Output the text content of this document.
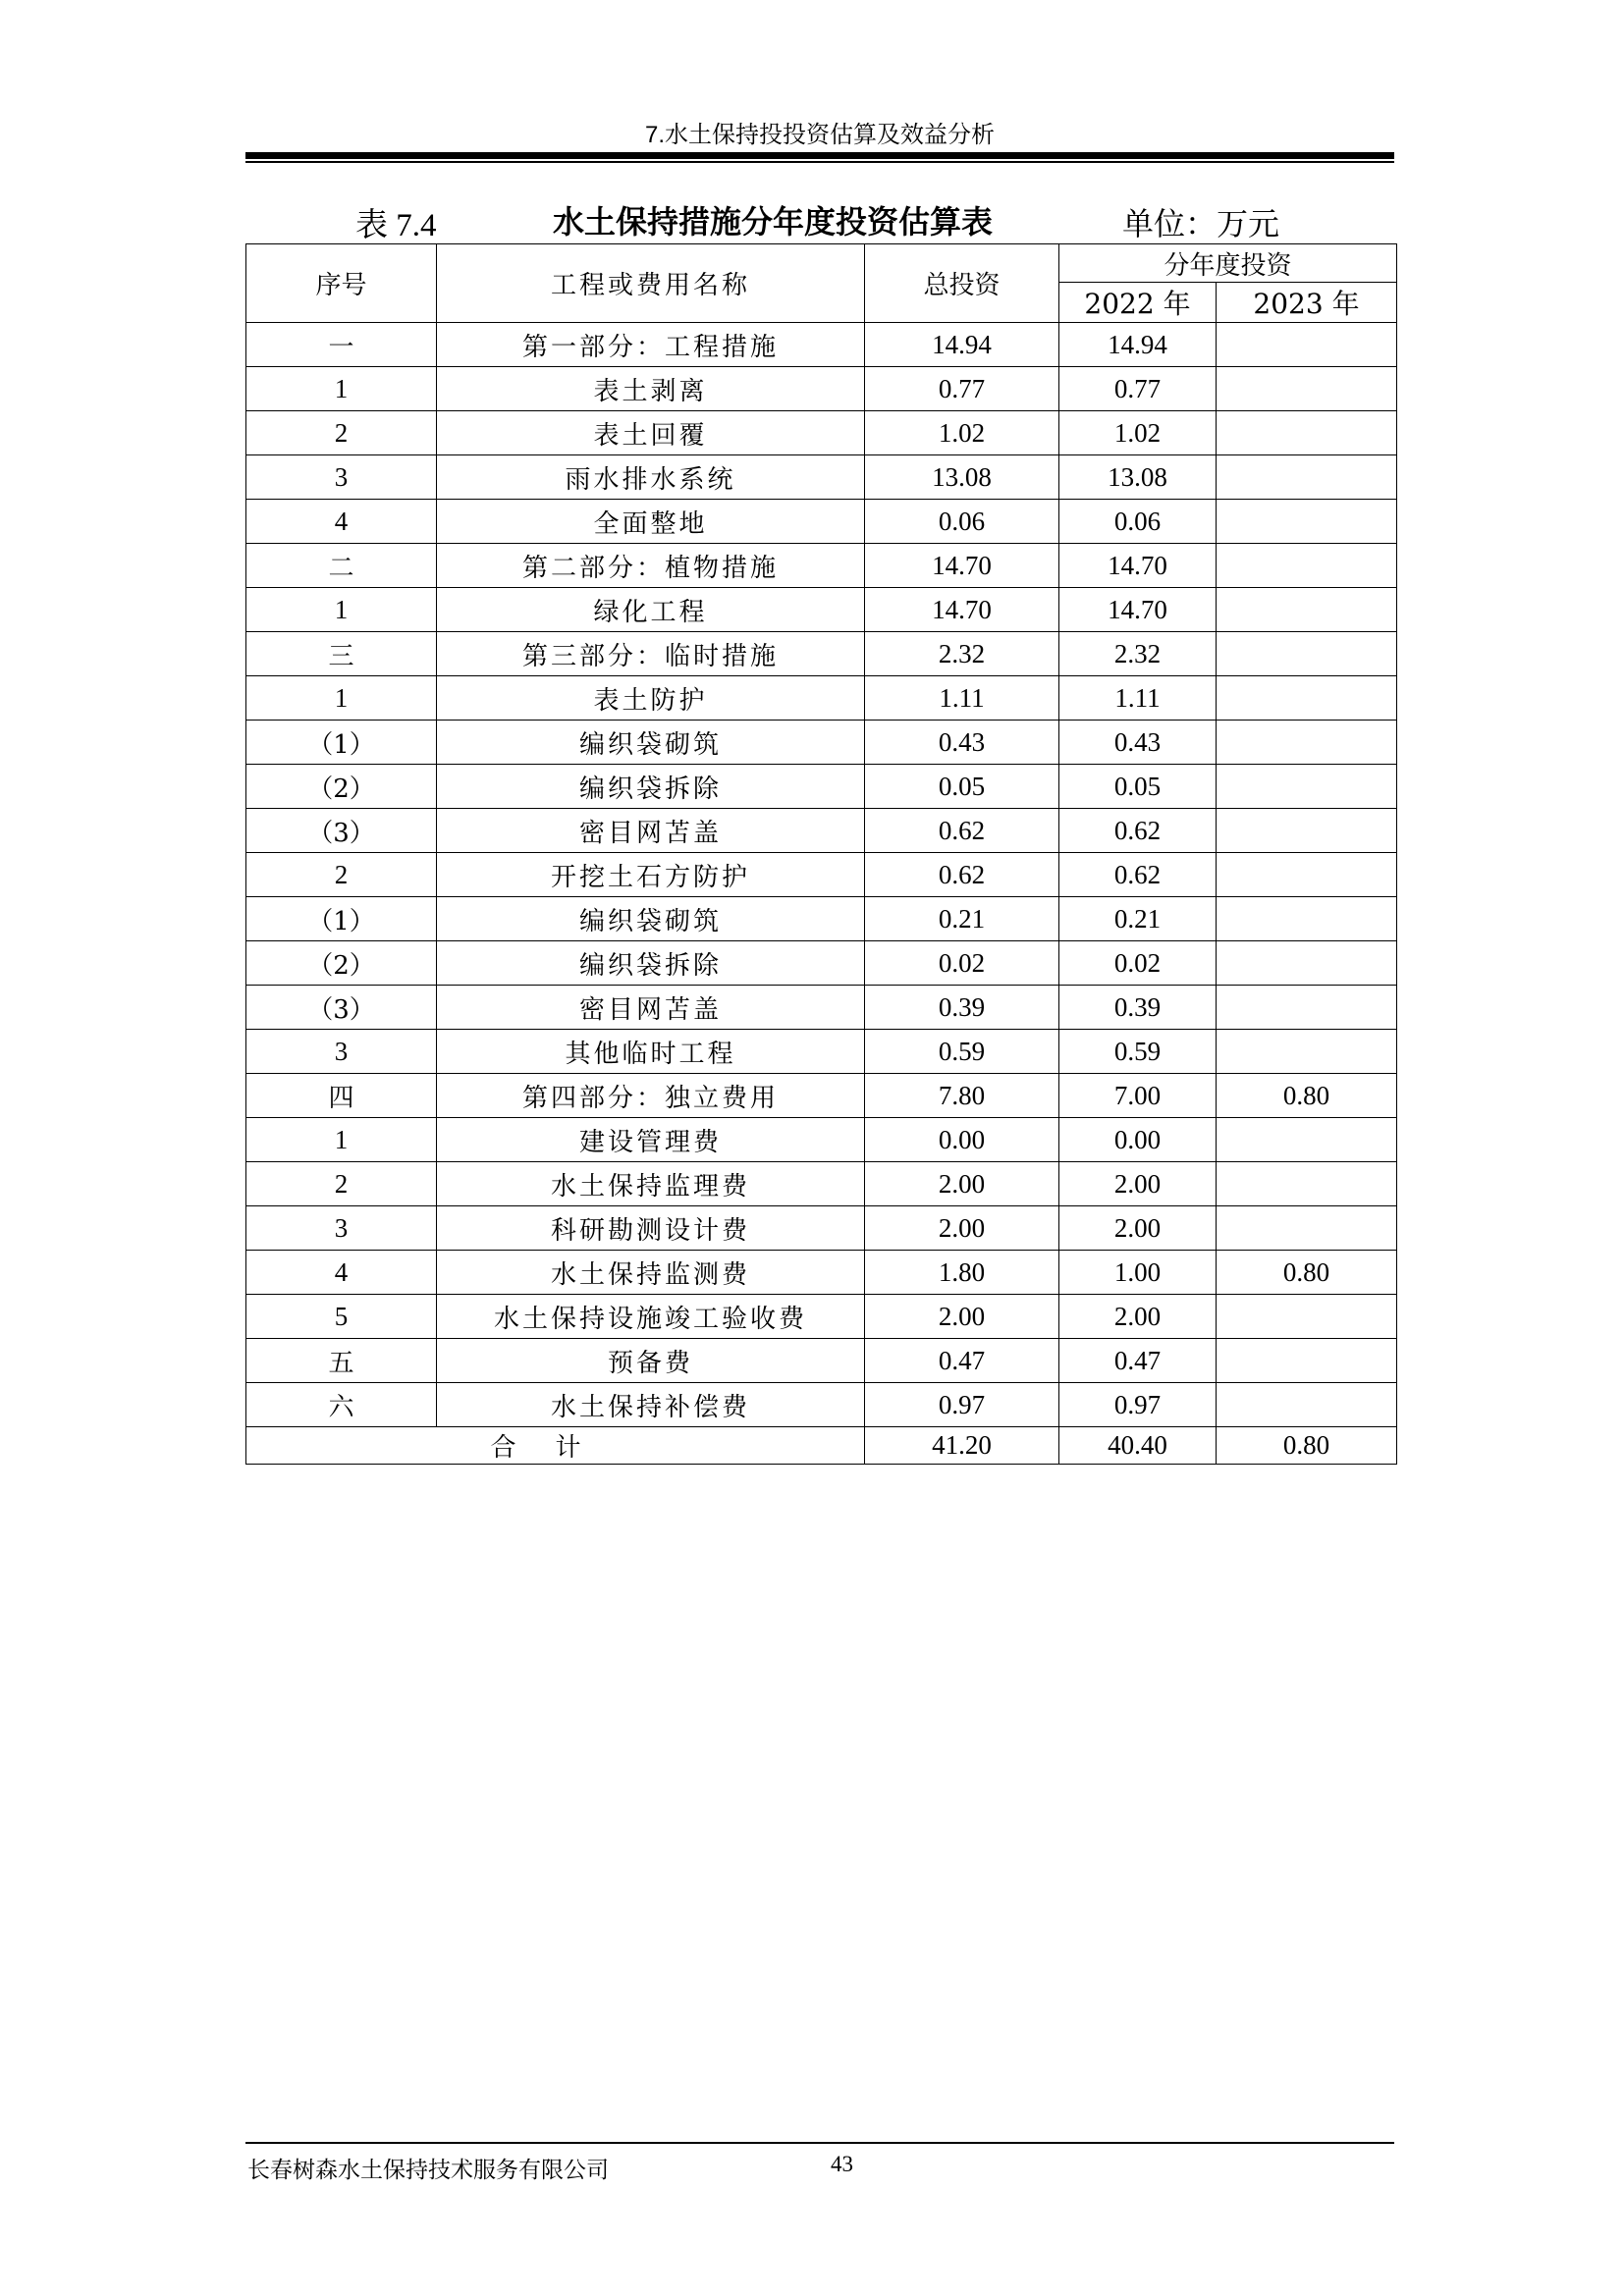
7.水土保持投投资估算及效益分析
表 7.4	水土保持措施分年度投资估算表	单位：万元
序号	工程或费用名称	总投资	分年度投资	
			2022 年	2023 年
一	第一部分：工程措施	14.94	14.94	
1	表土剥离	0.77	0.77	
2	表土回覆	1.02	1.02	
3	雨水排水系统	13.08	13.08	
4	全面整地	0.06	0.06	
二	第二部分：植物措施	14.70	14.70	
1	绿化工程	14.70	14.70	
三	第三部分：临时措施	2.32	2.32	
1	表土防护	1.11	1.11	
（1）	编织袋砌筑	0.43	0.43	
（2）	编织袋拆除	0.05	0.05	
（3）	密目网苫盖	0.62	0.62	
2	开挖土石方防护	0.62	0.62	
（1）	编织袋砌筑	0.21	0.21	
（2）	编织袋拆除	0.02	0.02	
（3）	密目网苫盖	0.39	0.39	
3	其他临时工程	0.59	0.59	
四	第四部分：独立费用	7.80	7.00	0.80
1	建设管理费	0.00	0.00	
2	水土保持监理费	2.00	2.00	
3	科研勘测设计费	2.00	2.00	
4	水土保持监测费	1.80	1.00	0.80
5	水土保持设施竣工验收费	2.00	2.00	
五	预备费	0.47	0.47	
六	水土保持补偿费	0.97	0.97	
合计		41.20	40.40	0.80
长春树森水土保持技术服务有限公司	43
